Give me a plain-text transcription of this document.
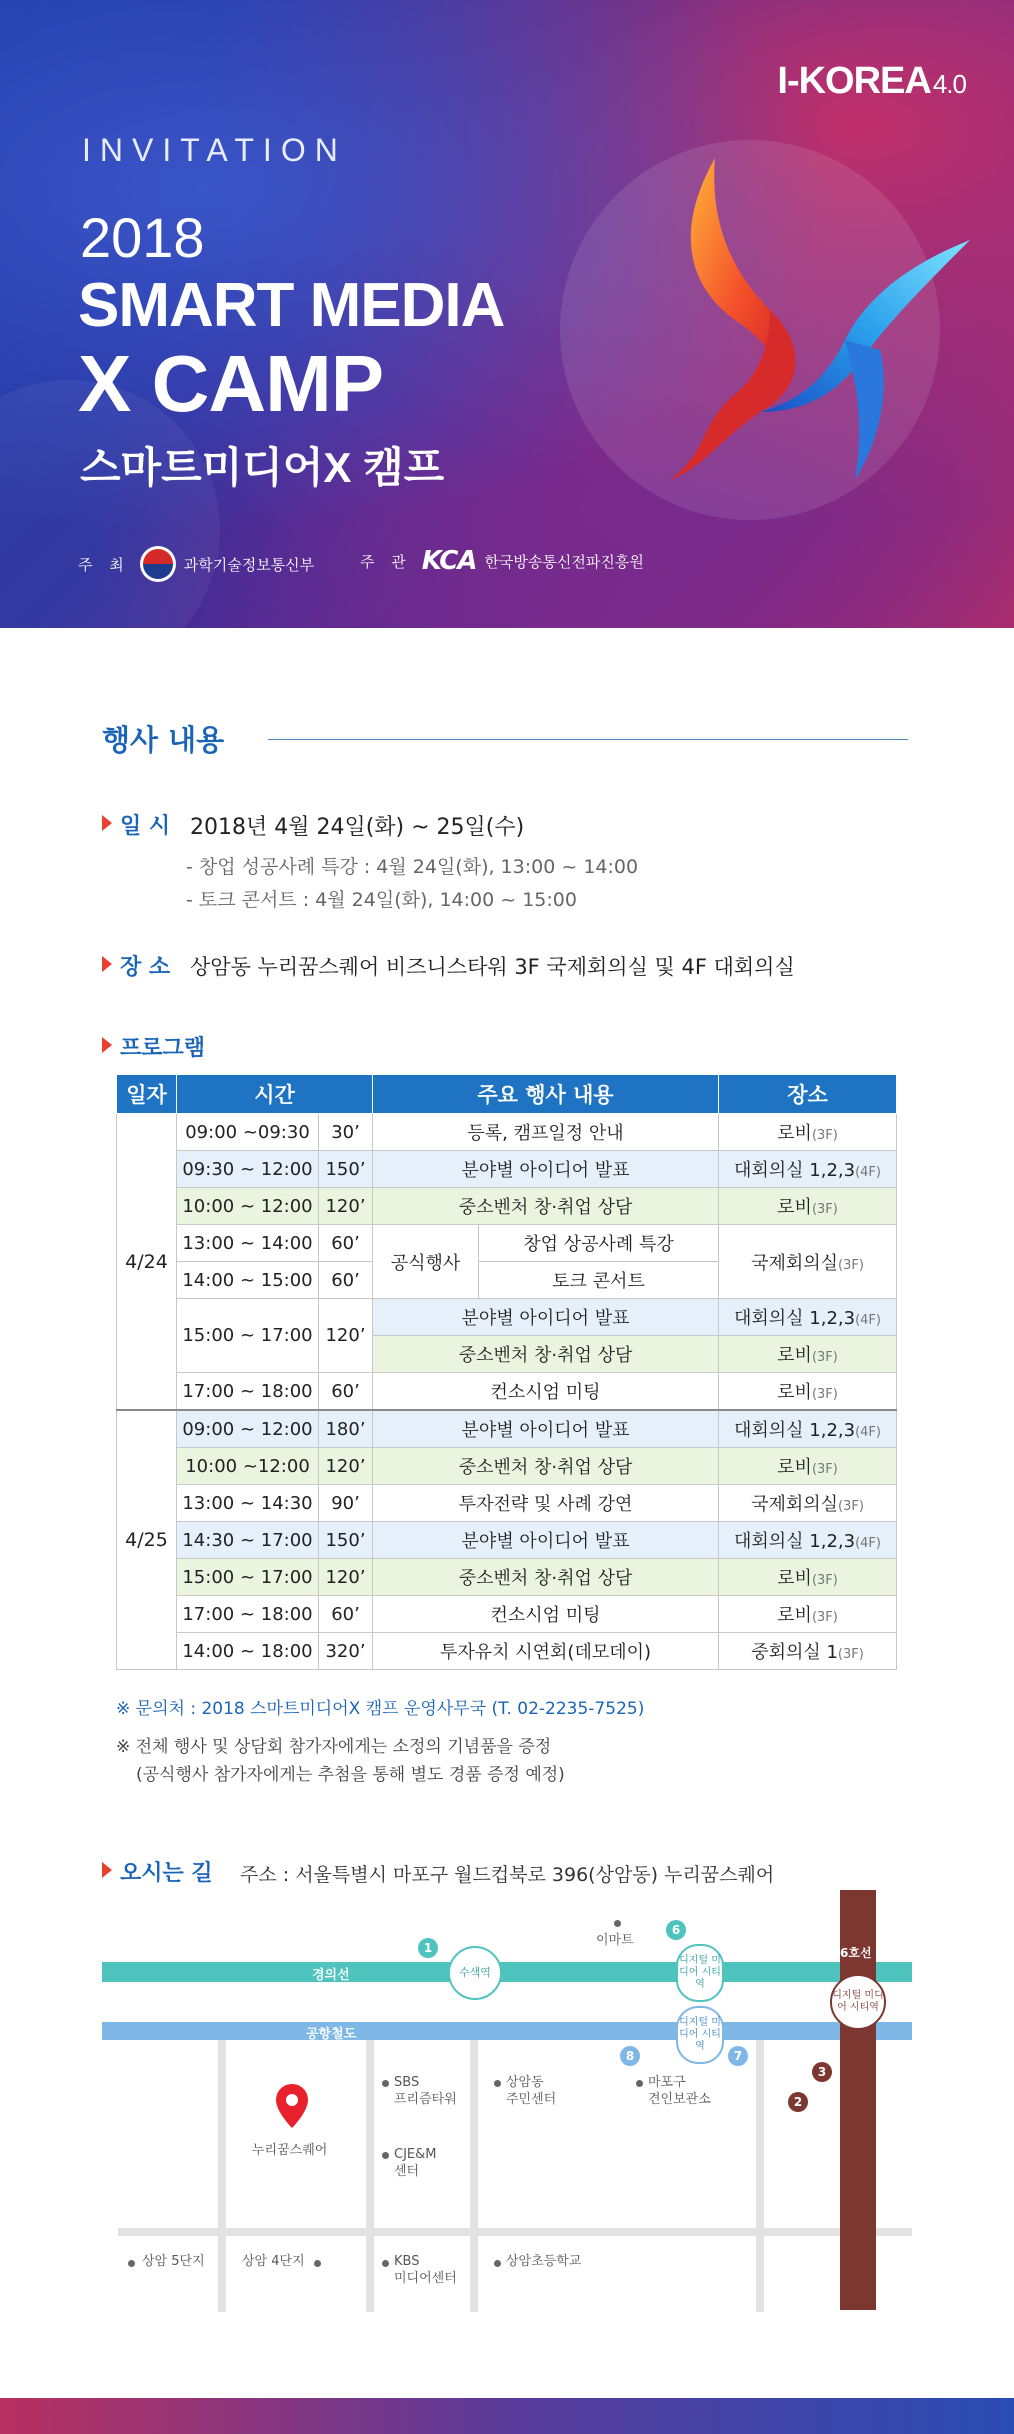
I-KOREA4.0
INVITATION
2018
SMART MEDIA
X CAMP
스마트미디어X 캠프
주 최	과학기술정보통신부	주 관 KCA 한국방송통신전파진흥원
행사 내용
일 시 2018년 4월 24일(화) ~ 25일(수)
- 창업 성공사례 특강 : 4월 24일(화), 13:00 ~ 14:00
- 토크 콘서트 : 4월 24일(화), 14:00 ~ 15:00
장 소 상암동 누리꿈스퀘어 비즈니스타워 3F 국제회의실 및 4F 대회의실
프로그램
일자	시간		주요 행사 내용		장소
4/24	09:00 ~09:30	30’	등록, 캠프일정 안내		로비(3F)
	09:30 ~ 12:00	150’	분야별 아이디어 발표		대회의실 1,2,3(4F)
	10:00 ~ 12:00	120’	중소벤처 창·취업 상담		로비(3F)
	13:00 ~ 14:00	60’	공식행사	창업 상공사례 특강	국제회의실(3F)
	14:00 ~ 15:00	60’		토크 콘서트	
	15:00 ~ 17:00	120’	분야별 아이디어 발표		대회의실 1,2,3(4F)
			중소벤처 창·취업 상담		로비(3F)
	17:00 ~ 18:00	60’	컨소시엄 미팅		로비(3F)
4/25	09:00 ~ 12:00	180’	분야별 아이디어 발표		대회의실 1,2,3(4F)
	10:00 ~12:00	120’	중소벤처 창·취업 상담		로비(3F)
	13:00 ~ 14:30	90’	투자전략 및 사례 강연		국제회의실(3F)
	14:30 ~ 17:00	150’	분야별 아이디어 발표		대회의실 1,2,3(4F)
	15:00 ~ 17:00	120’	중소벤처 창·취업 상담		로비(3F)
	17:00 ~ 18:00	60’	컨소시엄 미팅		로비(3F)
	14:00 ~ 18:00	320’	투자유치 시연회(데모데이)		중회의실 1(3F)
※ 문의처 : 2018 스마트미디어X 캠프 운영사무국 (T. 02-2235-7525)
※ 전체 행사 및 상담회 참가자에게는 소정의 기념품을 증정
(공식행사 참가자에게는 추첨을 통해 별도 경품 증정 예정)
오시는 길 주소 : 서울특별시 마포구 월드컵북로 396(상암동) 누리꿈스퀘어
경의선
공항철도
6호선
수색역
디지털 미디어 시티역
디지털 미디어 시티역
디지털 미디어 시티역
1
6
8	7
3
2
이마트
SBS
프리즘타워
상암동
주민센터
마포구
견인보관소
누리꿈스퀘어	CJE&M
센터
상암 5단지	상암 4단지	KBS
미디어센터
상암초등학교
